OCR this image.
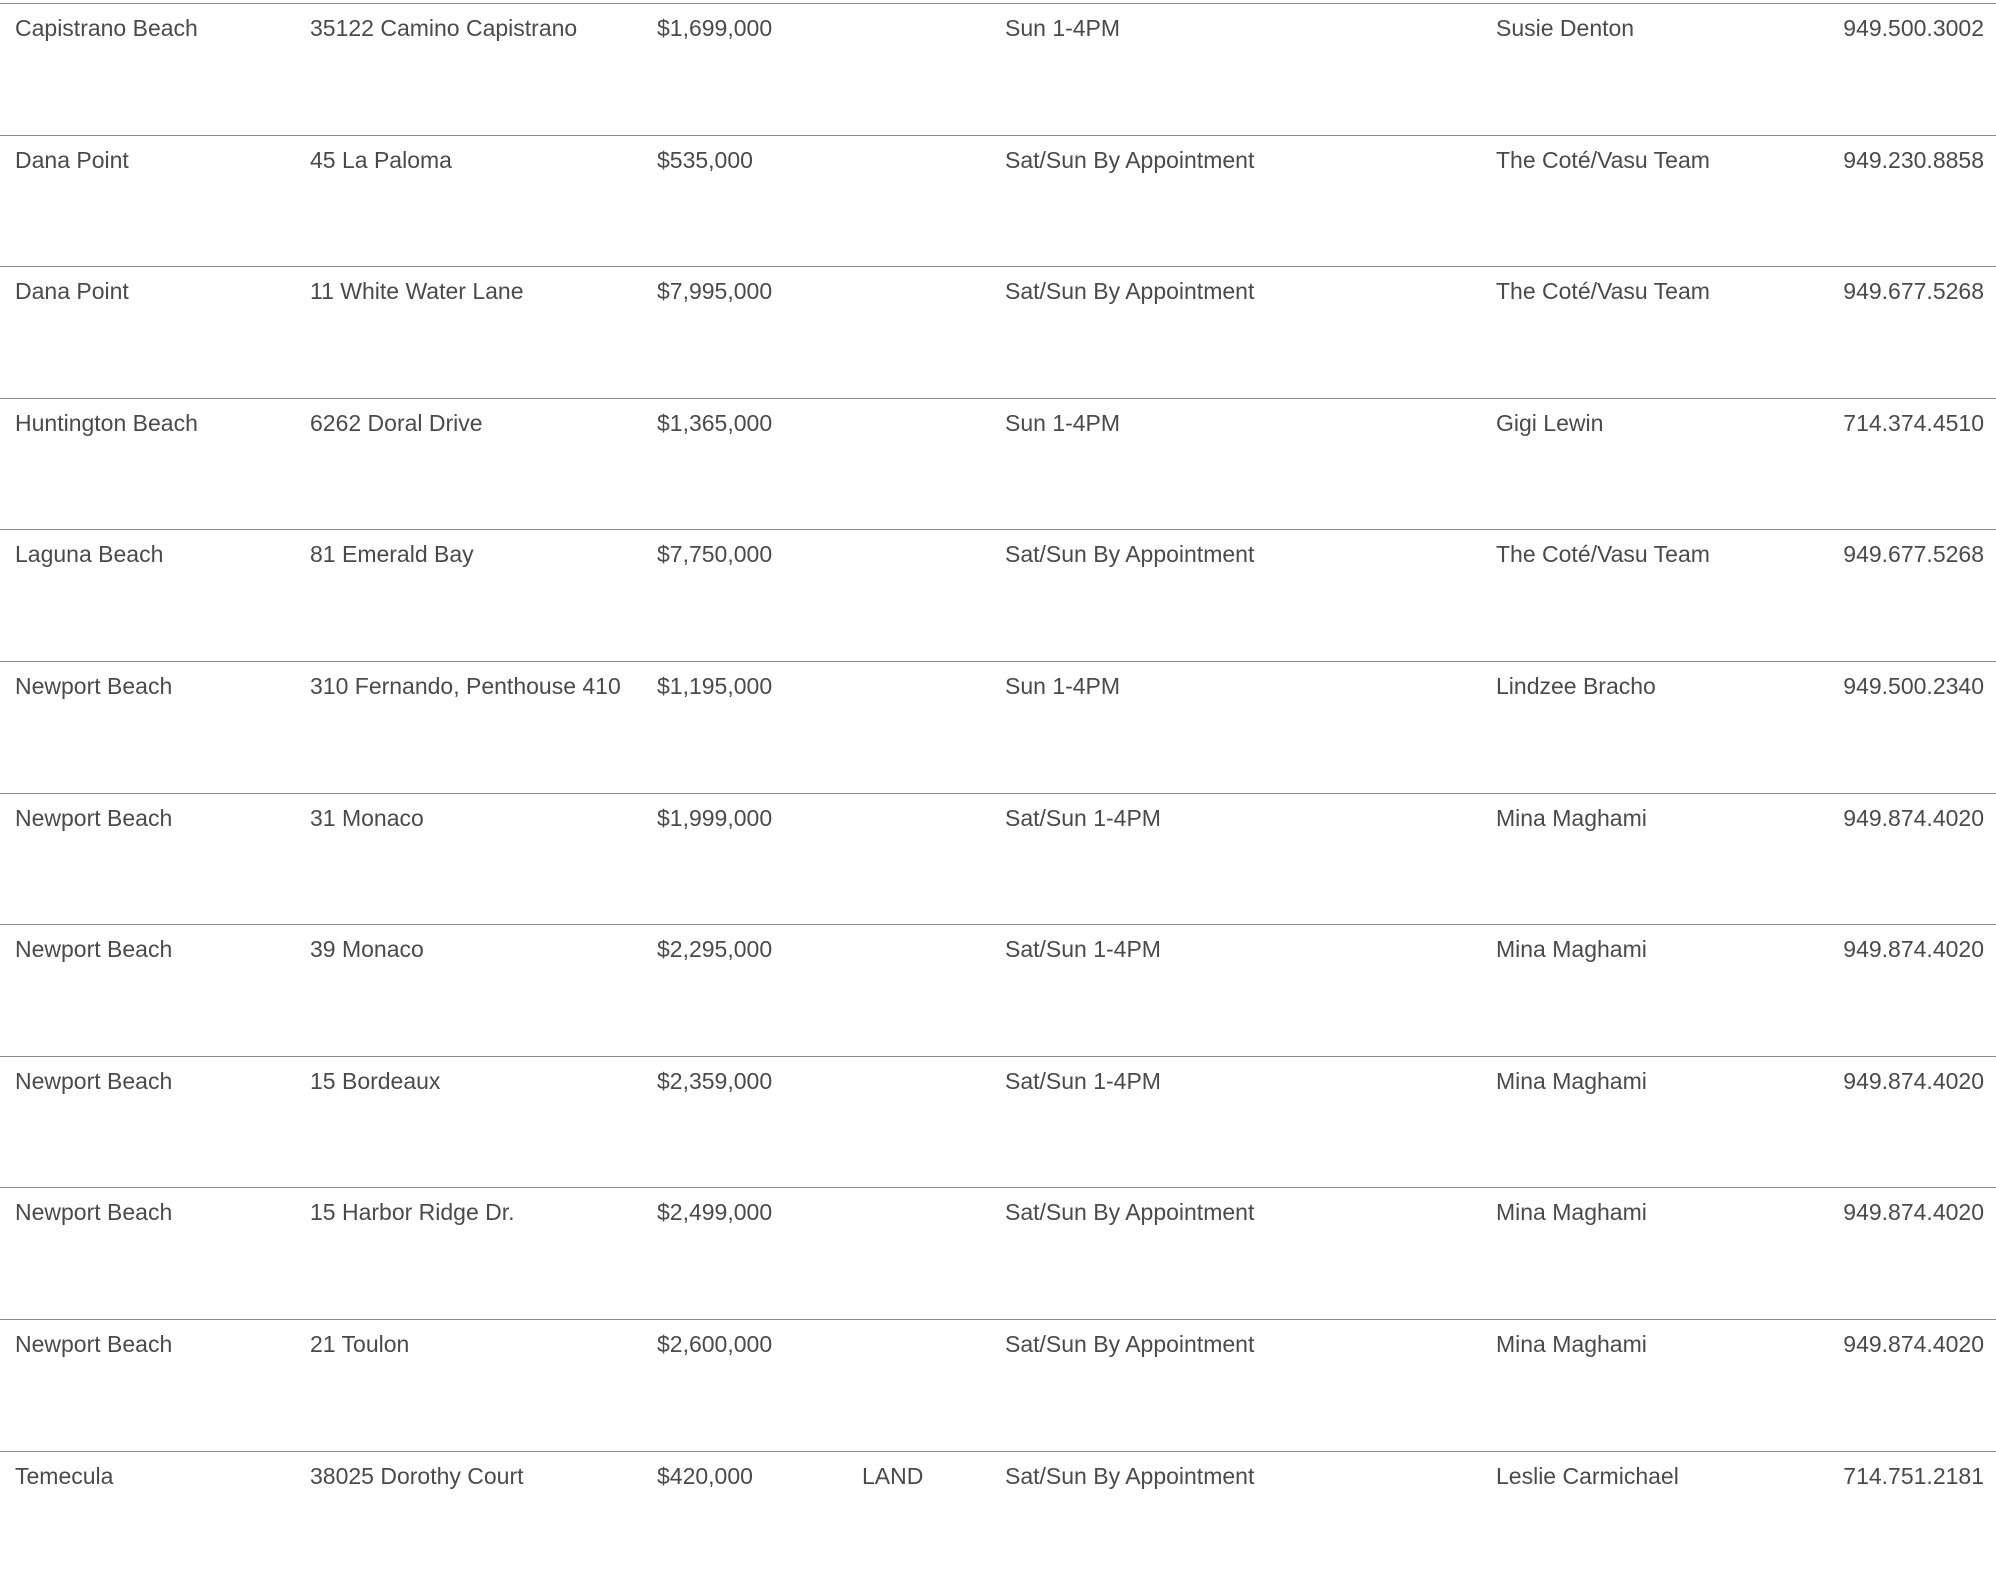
Capistrano Beach	35122 Camino Capistrano	$1,699,000	Sun 1-4PM	Susie Denton	949.500.3002
Dana Point	45 La Paloma	$535,000	Sat/Sun By Appointment	The Coté/Vasu Team	949.230.8858
Dana Point	11 White Water Lane	$7,995,000	Sat/Sun By Appointment	The Coté/Vasu Team	949.677.5268
Huntington Beach	6262 Doral Drive	$1,365,000	Sun 1-4PM	Gigi Lewin	714.374.4510
Laguna Beach	81 Emerald Bay	$7,750,000	Sat/Sun By Appointment	The Coté/Vasu Team	949.677.5268
Newport Beach	310 Fernando, Penthouse 410 $1,195,000	Sun 1-4PM	Lindzee Bracho	949.500.2340
Newport Beach	31 Monaco	$1,999,000	Sat/Sun 1-4PM	Mina Maghami	949.874.4020
Newport Beach	39 Monaco	$2,295,000	Sat/Sun 1-4PM	Mina Maghami	949.874.4020
Newport Beach	15 Bordeaux	$2,359,000	Sat/Sun 1-4PM	Mina Maghami	949.874.4020
Newport Beach	15 Harbor Ridge Dr.	$2,499,000	Sat/Sun By Appointment	Mina Maghami	949.874.4020
Newport Beach	21 Toulon	$2,600,000	Sat/Sun By Appointment	Mina Maghami	949.874.4020
Temecula	38025 Dorothy Court	$420,000	LAND	Sat/Sun By Appointment	Leslie Carmichael	714.751.2181
